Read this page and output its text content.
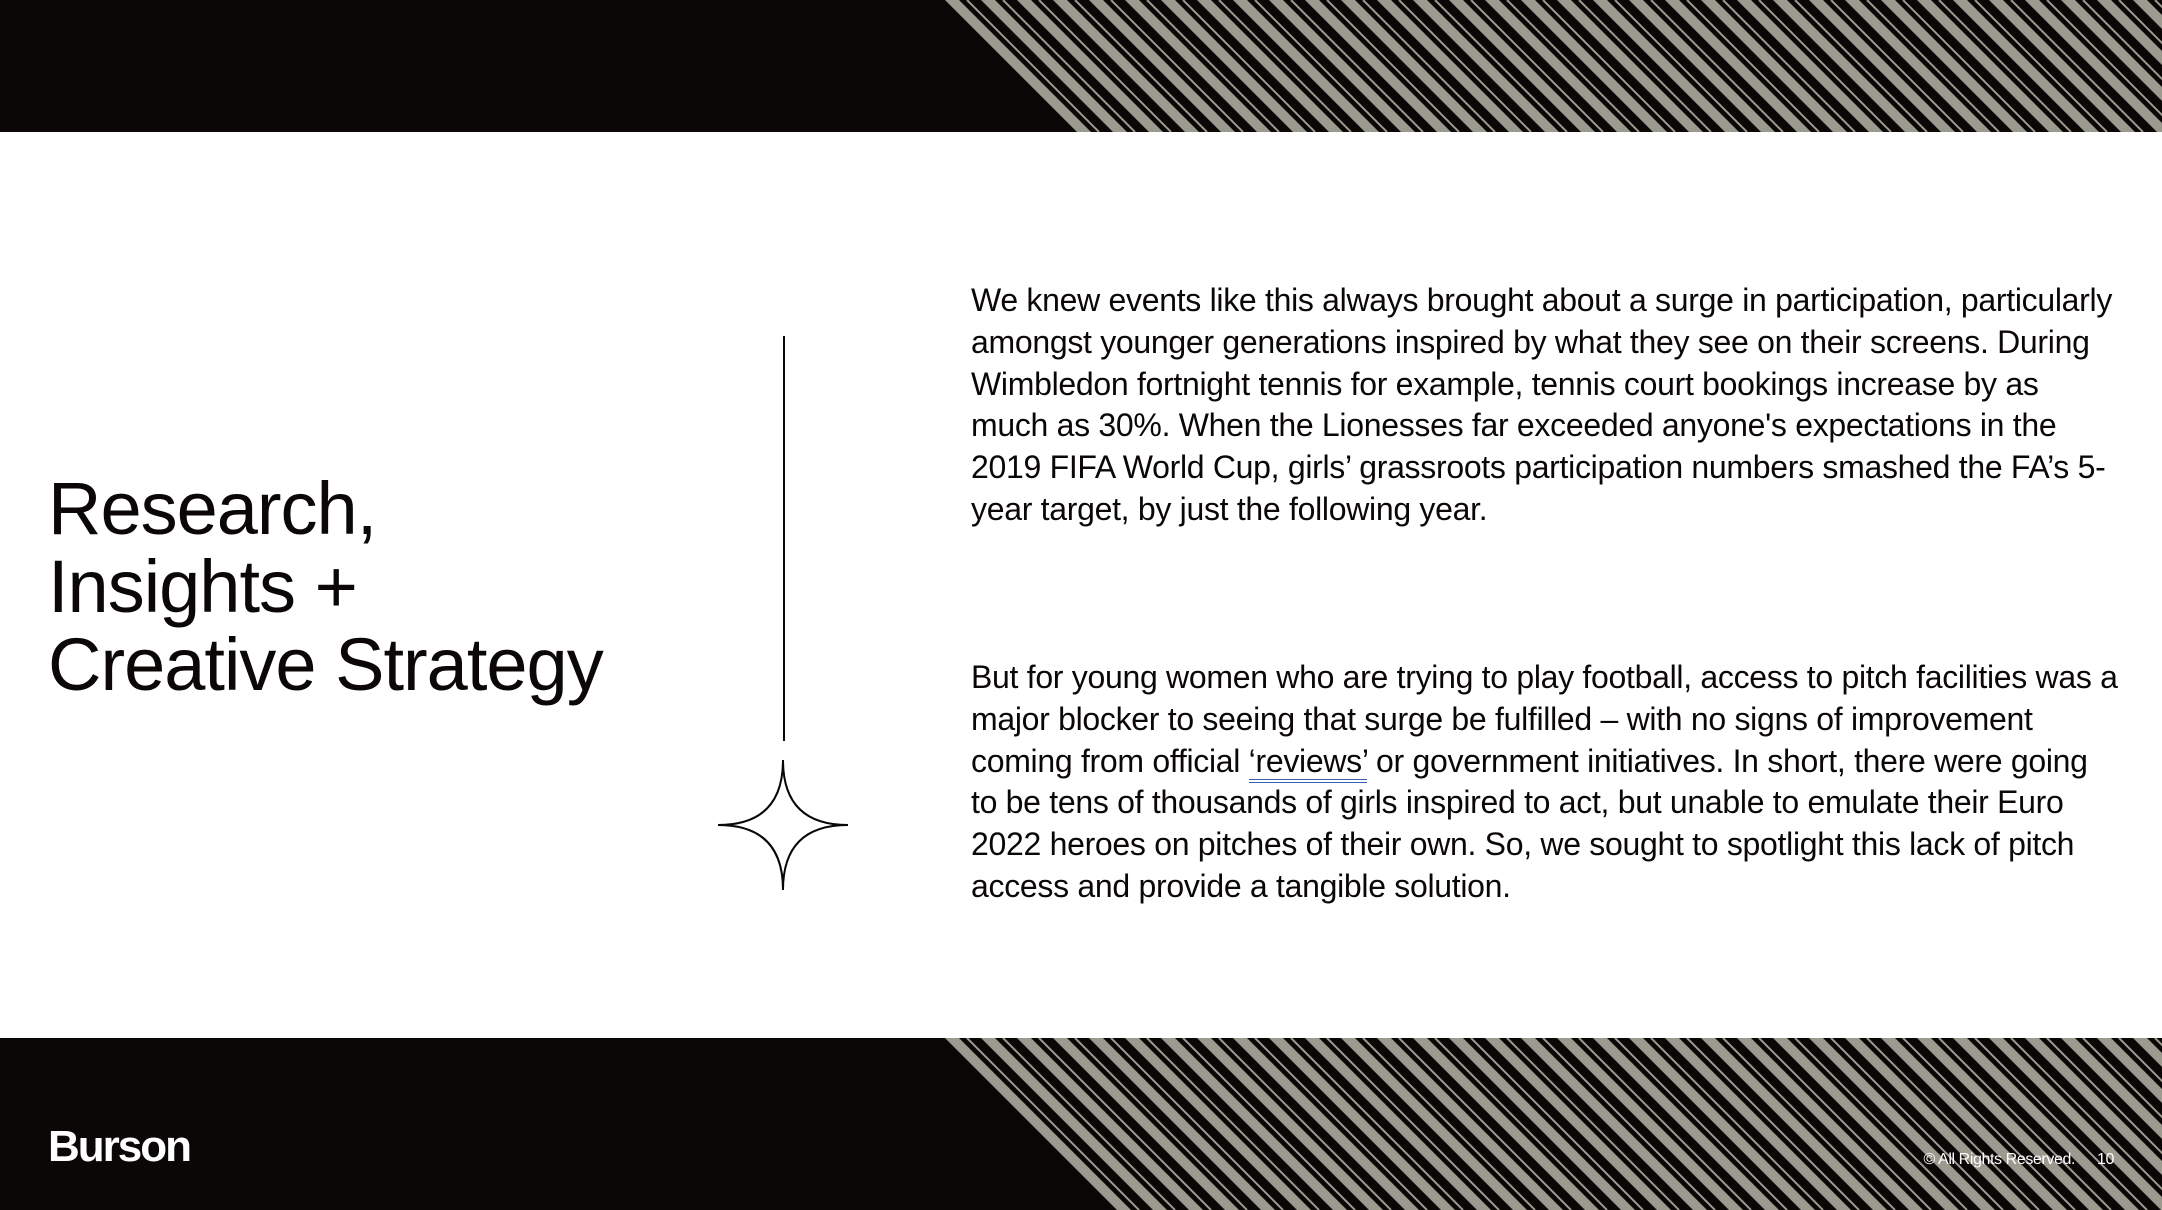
Research,
Insights +
Creative Strategy

We knew events like this always brought about a surge in participation, particularly amongst younger generations inspired by what they see on their screens. During Wimbledon fortnight tennis for example, tennis court bookings increase by as much as 30%. When the Lionesses far exceeded anyone's expectations in the 2019 FIFA World Cup, girls’ grassroots participation numbers smashed the FA’s 5-year target, by just the following year.

But for young women who are trying to play football, access to pitch facilities was a major blocker to seeing that surge be fulfilled – with no signs of improvement coming from official ‘reviews’ or government initiatives. In short, there were going to be tens of thousands of girls inspired to act, but unable to emulate their Euro 2022 heroes on pitches of their own. So, we sought to spotlight this lack of pitch access and provide a tangible solution.

Burson	© All Rights Reserved. 10
